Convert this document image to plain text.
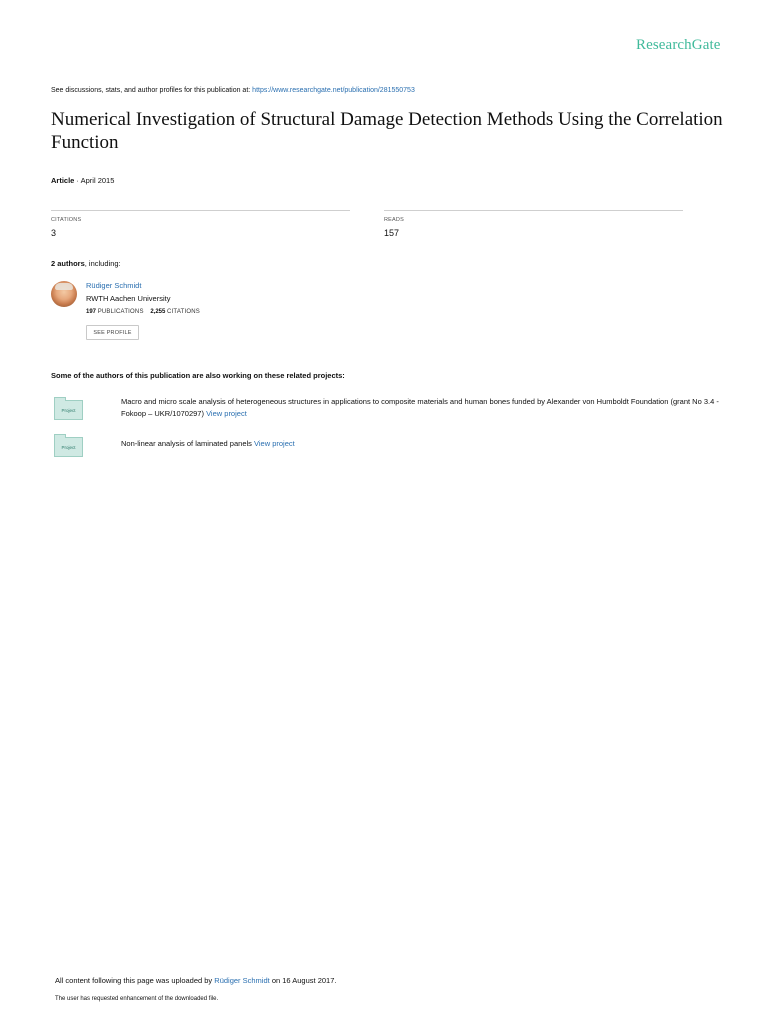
ResearchGate
See discussions, stats, and author profiles for this publication at: https://www.researchgate.net/publication/281550753
Numerical Investigation of Structural Damage Detection Methods Using the Correlation Function
Article · April 2015
CITATIONS
3
READS
157
2 authors, including:
Rüdiger Schmidt
RWTH Aachen University
197 PUBLICATIONS 2,255 CITATIONS
SEE PROFILE
Some of the authors of this publication are also working on these related projects:
Project
Macro and micro scale analysis of heterogeneous structures in applications to composite materials and human bones funded by Alexander von Humboldt Foundation (grant No 3.4 - Fokoop – UKR/1070297) View project
Project	Non-linear analysis of laminated panels View project
All content following this page was uploaded by Rüdiger Schmidt on 16 August 2017.
The user has requested enhancement of the downloaded file.
